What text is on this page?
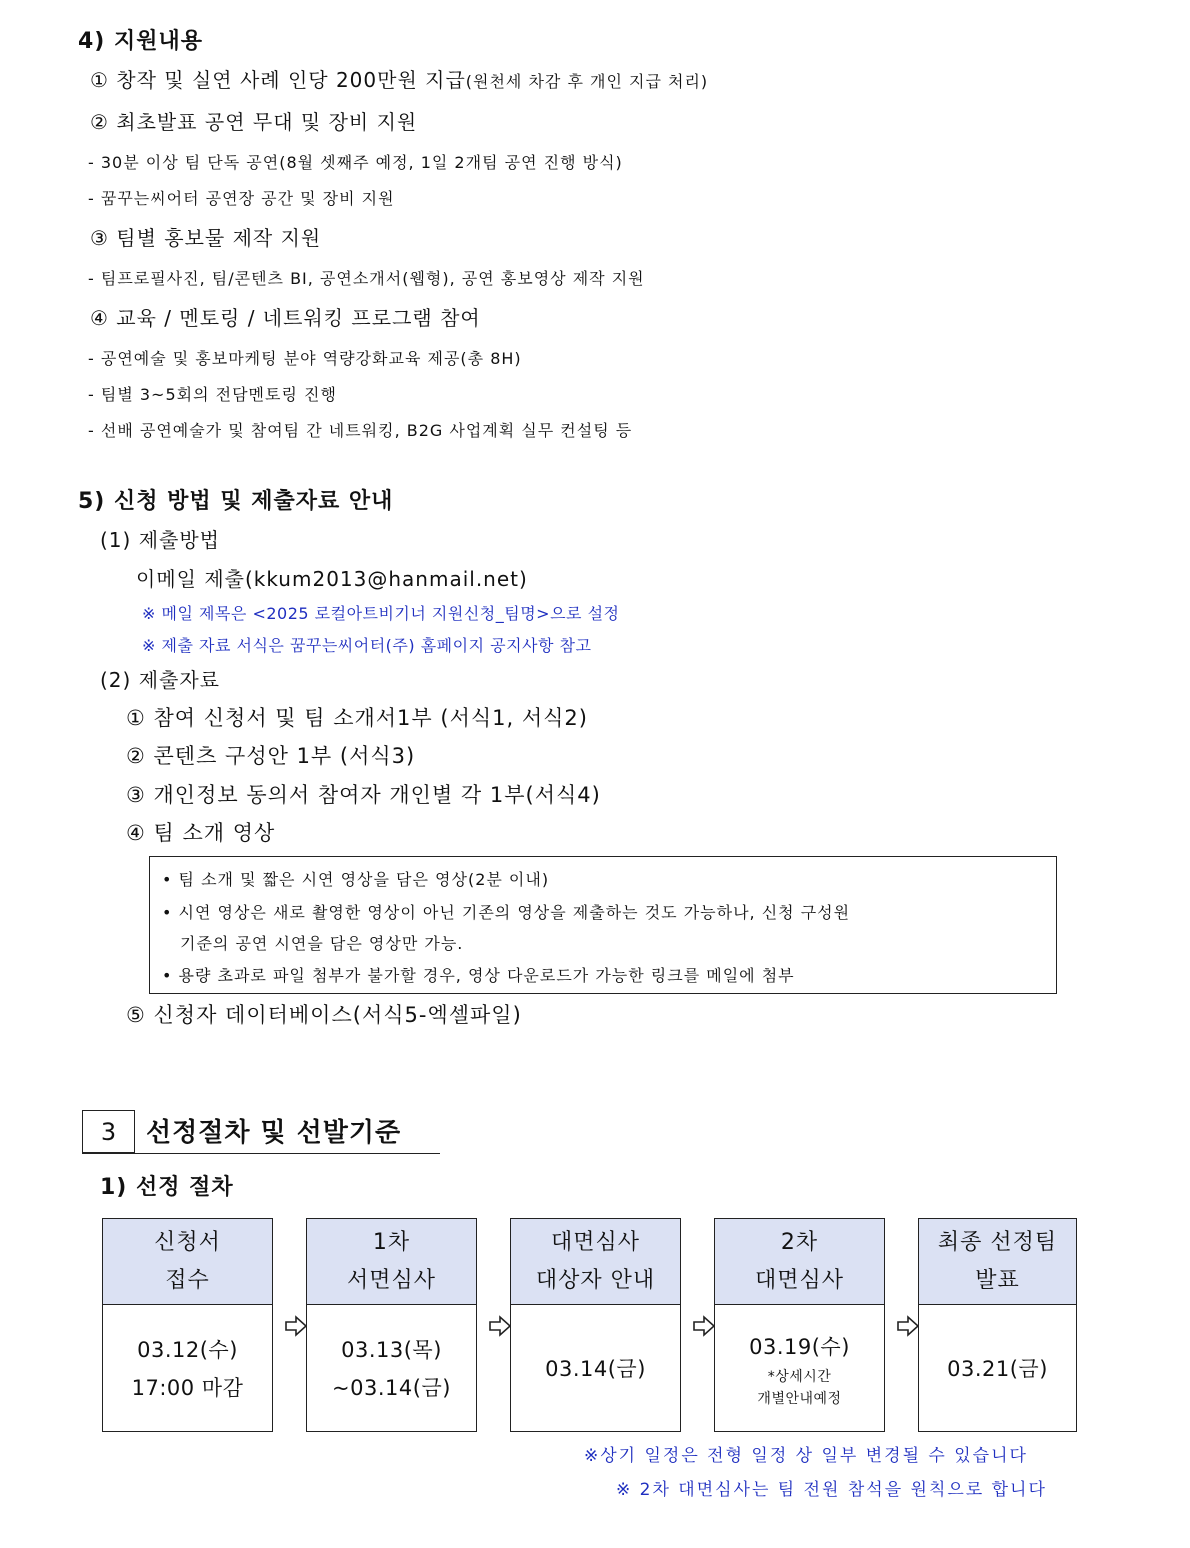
4) 지원내용
① 창작 및 실연 사례 인당 200만원 지급(원천세 차감 후 개인 지급 처리)
② 최초발표 공연 무대 및 장비 지원
- 30분 이상 팀 단독 공연(8월 셋째주 예정, 1일 2개팀 공연 진행 방식)
- 꿈꾸는씨어터 공연장 공간 및 장비 지원
③ 팀별 홍보물 제작 지원
- 팀프로필사진, 팀/콘텐츠 BI, 공연소개서(웹형), 공연 홍보영상 제작 지원
④ 교육 / 멘토링 / 네트워킹 프로그램 참여
- 공연예술 및 홍보마케팅 분야 역량강화교육 제공(총 8H)
- 팀별 3~5회의 전담멘토링 진행
- 선배 공연예술가 및 참여팀 간 네트워킹, B2G 사업계획 실무 컨설팅 등
5) 신청 방법 및 제출자료 안내
(1) 제출방법
이메일 제출(kkum2013@hanmail.net)
※ 메일 제목은 <2025 로컬아트비기너 지원신청_팀명>으로 설정
※ 제출 자료 서식은 꿈꾸는씨어터(주) 홈페이지 공지사항 참고
(2) 제출자료
① 참여 신청서 및 팀 소개서1부 (서식1, 서식2)
② 콘텐츠 구성안 1부 (서식3)
③ 개인정보 동의서 참여자 개인별 각 1부(서식4)
④ 팀 소개 영상
• 팀 소개 및 짧은 시연 영상을 담은 영상(2분 이내)
• 시연 영상은 새로 촬영한 영상이 아닌 기존의 영상을 제출하는 것도 가능하나, 신청 구성원
기준의 공연 시연을 담은 영상만 가능.
• 용량 초과로 파일 첨부가 불가할 경우, 영상 다운로드가 가능한 링크를 메일에 첨부
⑤ 신청자 데이터베이스(서식5-엑셀파일)
3	선정절차 및 선발기준
1) 선정 절차
신청서
접수
03.12(수)
17:00 마감
1차
서면심사
03.13(목)
~03.14(금)
대면심사
대상자 안내
03.14(금)
2차
대면심사
03.19(수)
*상세시간
개별안내예정
최종 선정팀
발표
03.21(금)
※상기 일정은 전형 일정 상 일부 변경될 수 있습니다
※ 2차 대면심사는 팀 전원 참석을 원칙으로 합니다
